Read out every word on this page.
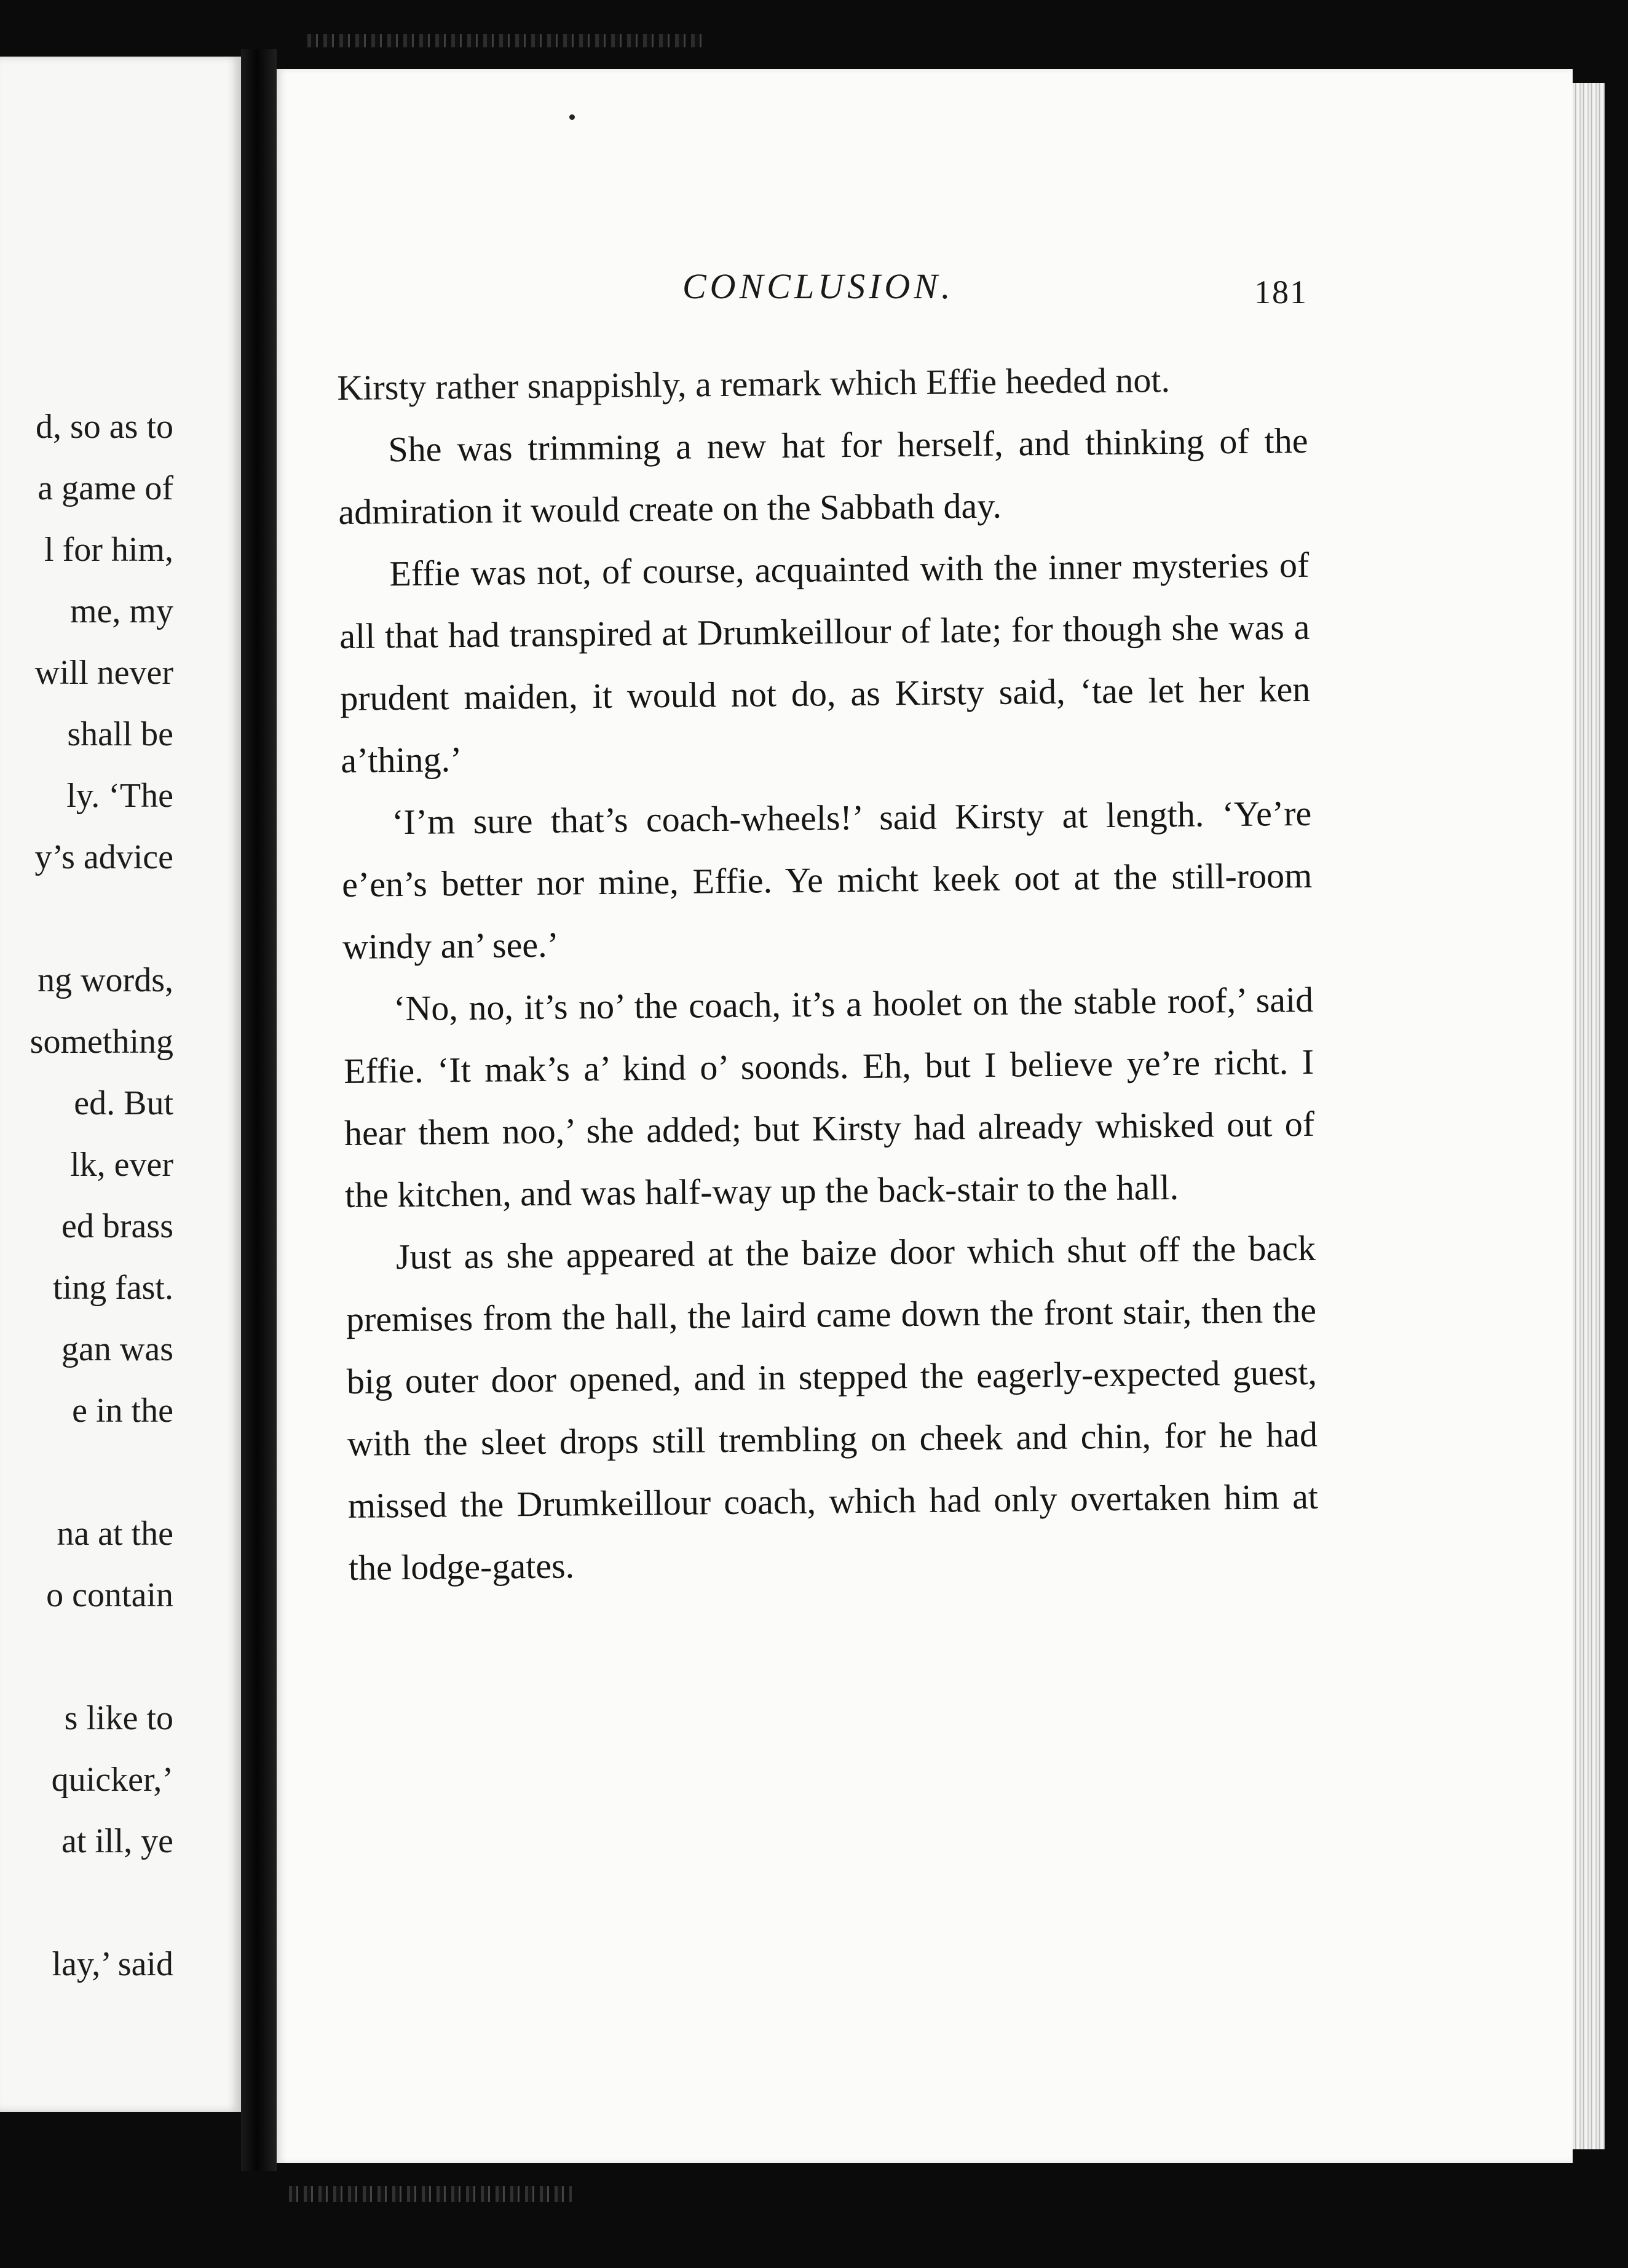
d, so as to
a game of
l for him,
me, my
will never
shall be
ly. ‘The
y’s advice
ng words,
something
ed. But
lk, ever
ed brass
ting fast.
gan was
e in the
na at the
o contain
s like to
quicker,’
at ill, ye
lay,’ said
CONCLUSION.	181

Kirsty rather snappishly, a remark which Effie heeded not.

She was trimming a new hat for herself, and thinking of the admiration it would create on the Sabbath day.

Effie was not, of course, acquainted with the inner mysteries of all that had transpired at Drumkeillour of late; for though she was a prudent maiden, it would not do, as Kirsty said, ‘tae let her ken a’thing.’

‘I’m sure that’s coach-wheels!’ said Kirsty at length. ‘Ye’re e’en’s better nor mine, Effie. Ye micht keek oot at the still-room windy an’ see.’

‘No, no, it’s no’ the coach, it’s a hoolet on the stable roof,’ said Effie. ‘It mak’s a’ kind o’ soonds. Eh, but I believe ye’re richt. I hear them noo,’ she added; but Kirsty had already whisked out of the kitchen, and was half-way up the back-stair to the hall.

Just as she appeared at the baize door which shut off the back premises from the hall, the laird came down the front stair, then the big outer door opened, and in stepped the eagerly-expected guest, with the sleet drops still trembling on cheek and chin, for he had missed the Drumkeillour coach, which had only overtaken him at the lodge-gates.
